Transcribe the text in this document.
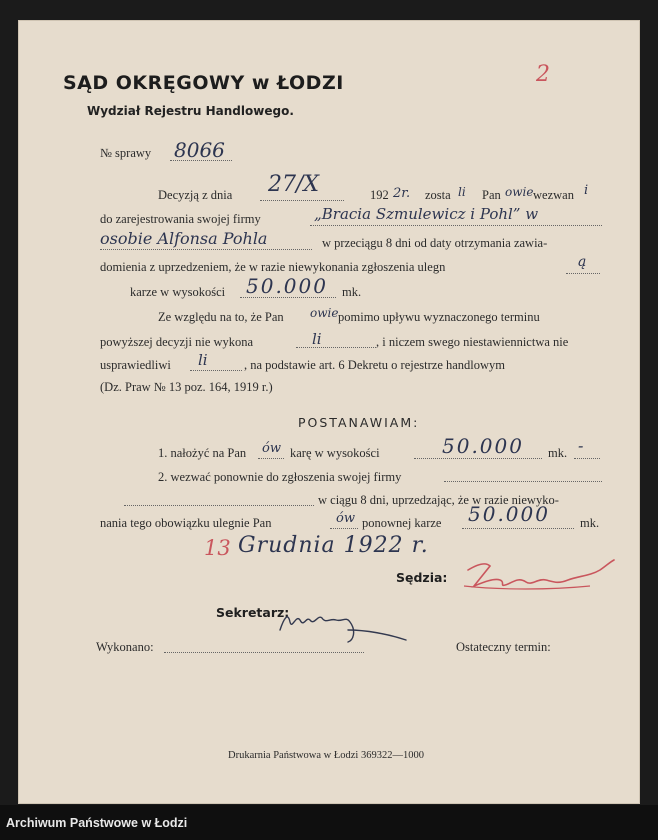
SĄD OKRĘGOWY w ŁODZI
Wydział Rejestru Handlowego.
2
№ sprawy 8066
Decyzją z dnia 27/X	192 2r. zosta li Pan owie wezwan i
do zarejestrowania swojej firmy	„Bracia Szmulewicz i Pohl” w
osobie Alfonsa Pohla	w przeciągu 8 dni od daty otrzymania zawia-
domienia z uprzedzeniem, że w razie niewykonania zgłoszenia ulegn	ą
karze w wysokości 50.000 mk.
Ze względu na to, że Pan owie pomimo upływu wyznaczonego terminu
powyższej decyzji nie wykona	li	, i niczem swego niestawiennictwa nie
usprawiedliwi li	, na podstawie art. 6 Dekretu o rejestrze handlowym
(Dz. Praw № 13 poz. 164, 1919 r.)
POSTANAWIAM:
1. nałożyć na Pan ów karę w wysokości	50.000 mk. -
2. wezwać ponownie do zgłoszenia swojej firmy
w ciągu 8 dni, uprzedzając, że w razie niewyko-
nania tego obowiązku ulegnie Pan	ów ponownej karze 50.000 mk.
13 Grudnia 1922 r.
Sędzia:
Sekretarz:
Wykonano:	Ostateczny termin:
Drukarnia Państwowa w Łodzi 369322—1000
Archiwum Państwowe w Łodzi
